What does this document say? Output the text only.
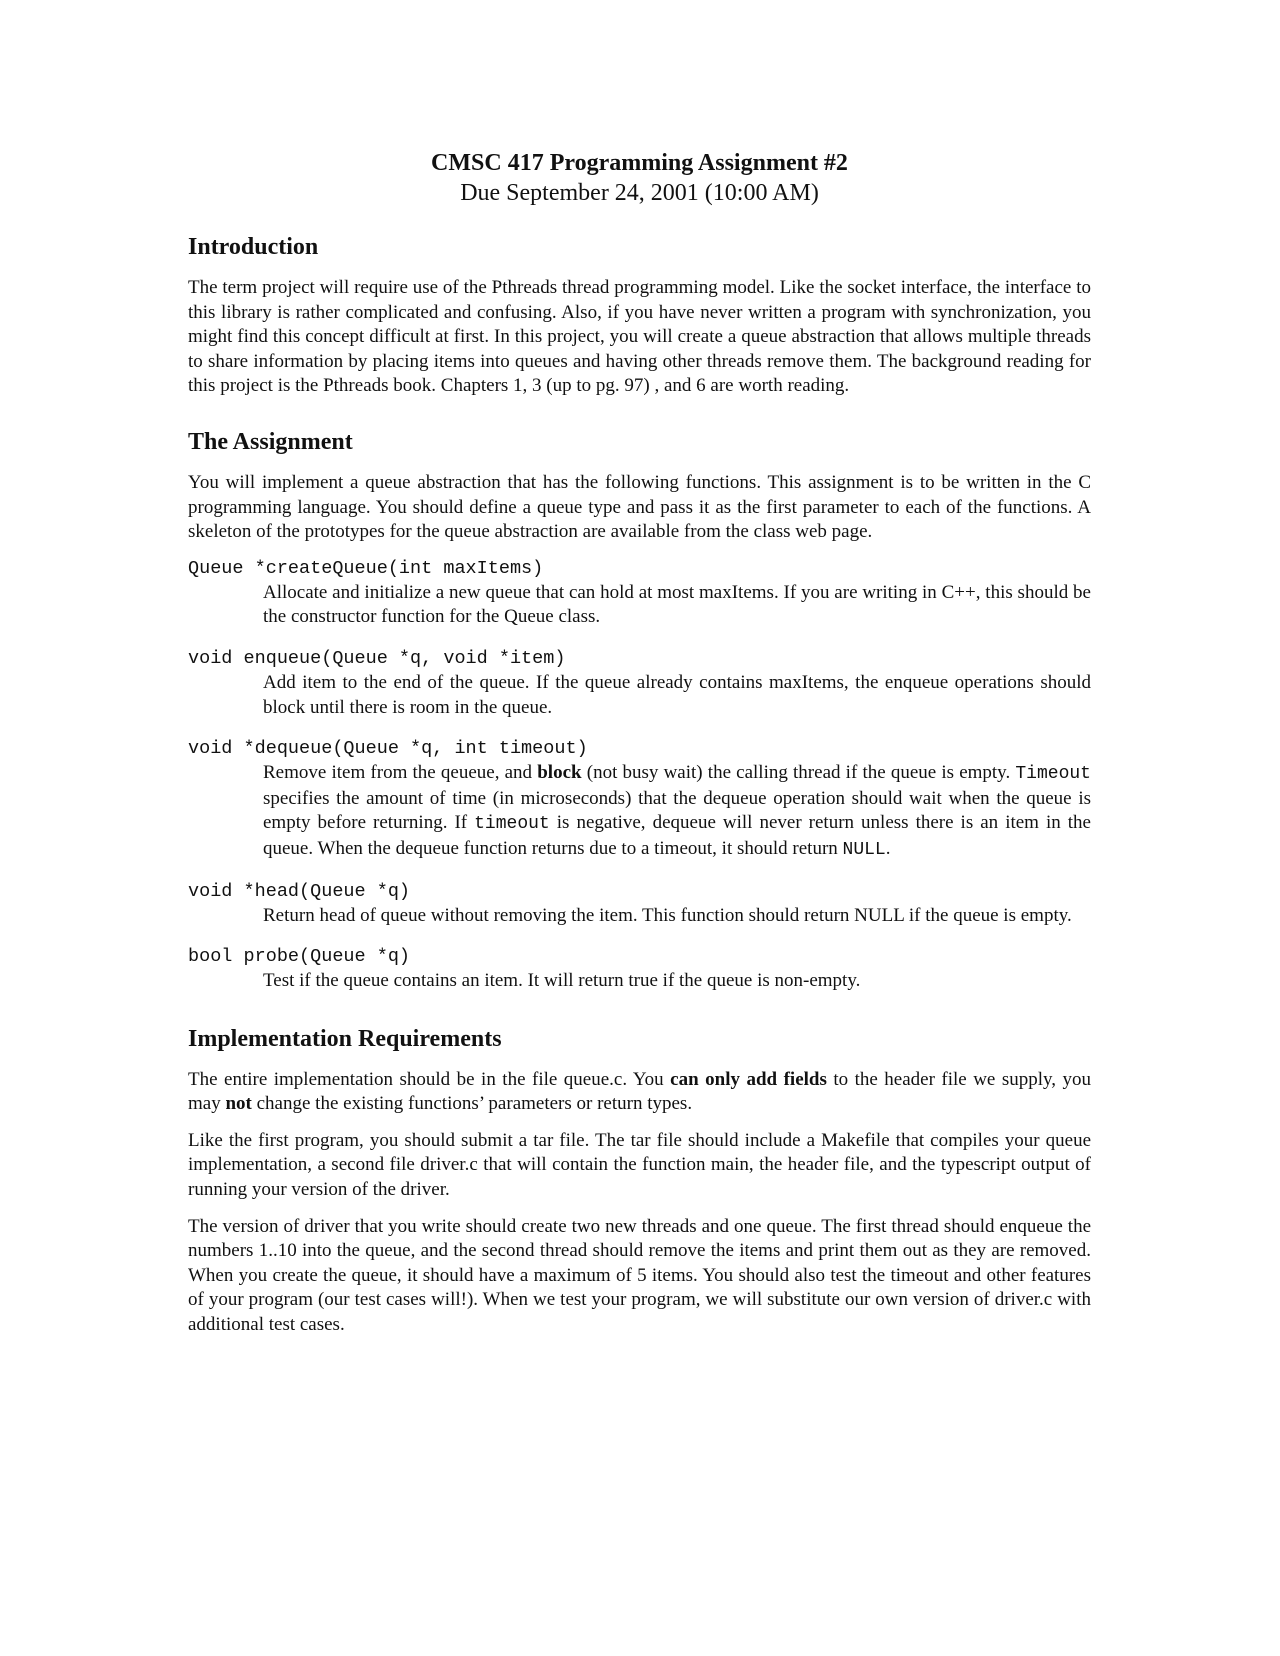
CMSC 417 Programming Assignment #2
Due September 24, 2001 (10:00 AM)
Introduction

The term project will require use of the Pthreads thread programming model. Like the socket interface, the interface to this library is rather complicated and confusing. Also, if you have never written a program with synchronization, you might find this concept difficult at first. In this project, you will create a queue abstraction that allows multiple threads to share information by placing items into queues and having other threads remove them. The background reading for this project is the Pthreads book. Chapters 1, 3 (up to pg. 97) , and 6 are worth reading.

The Assignment

You will implement a queue abstraction that has the following functions. This assignment is to be written in the C programming language. You should define a queue type and pass it as the first parameter to each of the functions. A skeleton of the prototypes for the queue abstraction are available from the class web page.

Queue *createQueue(int maxItems)

Allocate and initialize a new queue that can hold at most maxItems. If you are writing in C++, this should be the constructor function for the Queue class.

void enqueue(Queue *q, void *item)

Add item to the end of the queue. If the queue already contains maxItems, the enqueue operations should block until there is room in the queue.

void *dequeue(Queue *q, int timeout)

Remove item from the qeueue, and block (not busy wait) the calling thread if the queue is empty. Timeout specifies the amount of time (in microseconds) that the dequeue operation should wait when the queue is empty before returning. If timeout is negative, dequeue will never return unless there is an item in the queue. When the dequeue function returns due to a timeout, it should return NULL.

void *head(Queue *q)

Return head of queue without removing the item. This function should return NULL if the queue is empty.

bool probe(Queue *q)

Test if the queue contains an item. It will return true if the queue is non-empty.

Implementation Requirements

The entire implementation should be in the file queue.c. You can only add fields to the header file we supply, you may not change the existing functions’ parameters or return types.

Like the first program, you should submit a tar file. The tar file should include a Makefile that compiles your queue implementation, a second file driver.c that will contain the function main, the header file, and the typescript output of running your version of the driver.

The version of driver that you write should create two new threads and one queue. The first thread should enqueue the numbers 1..10 into the queue, and the second thread should remove the items and print them out as they are removed. When you create the queue, it should have a maximum of 5 items. You should also test the timeout and other features of your program (our test cases will!). When we test your program, we will substitute our own version of driver.c with additional test cases.
